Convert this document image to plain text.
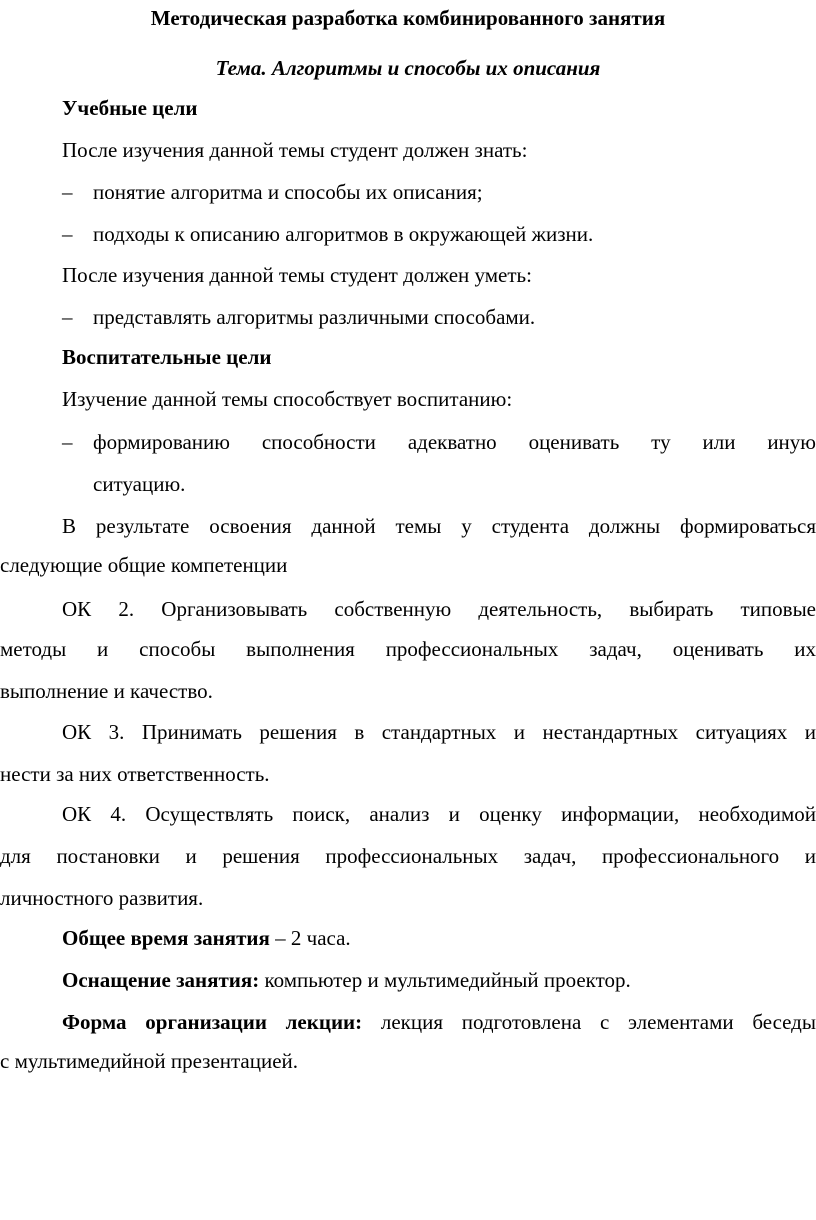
Методическая разработка комбинированного занятия
Тема. Алгоритмы и способы их описания
Учебные цели
После изучения данной темы студент должен знать:
– понятие алгоритма и способы их описания;
– подходы к описанию алгоритмов в окружающей жизни.
После изучения данной темы студент должен уметь:
– представлять алгоритмы различными способами.
Воспитательные цели
Изучение данной темы способствует воспитанию:
– формированию способности адекватно оценивать ту или иную
ситуацию.
В результате освоения данной темы у студента должны формироваться
следующие общие компетенции
ОК 2. Организовывать собственную деятельность, выбирать типовые
методы и способы выполнения профессиональных задач, оценивать их
выполнение и качество.
ОК 3. Принимать решения в стандартных и нестандартных ситуациях и
нести за них ответственность.
ОК 4. Осуществлять поиск, анализ и оценку информации, необходимой
для постановки и решения профессиональных задач, профессионального и
личностного развития.
Общее время занятия – 2 часа.
Оснащение занятия: компьютер и мультимедийный проектор.
Форма организации лекции: лекция подготовлена с элементами беседы
с мультимедийной презентацией.
